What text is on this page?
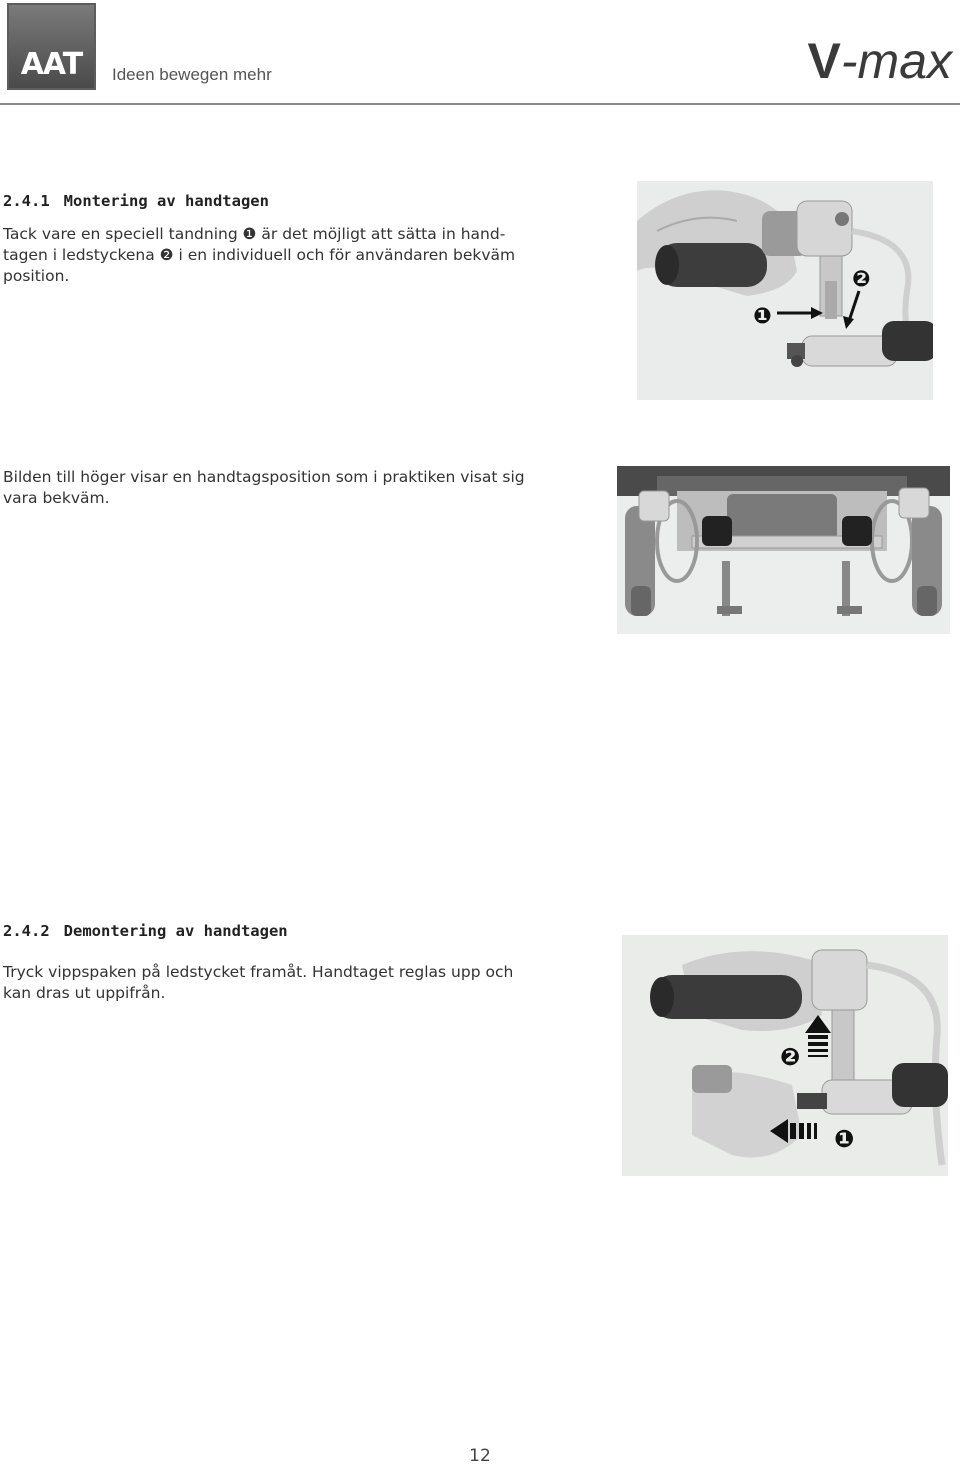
AAT	Ideen bewegen mehr	V-max
2.4.1 Montering av handtagen
Tack vare en speciell tandning ❶ är det möjligt att sätta in hand-
tagen i ledstyckena ❷ i en individuell och för användaren bekväm
position.
❶
❷
Bilden till höger visar en handtagsposition som i praktiken visat sig
vara bekväm.
2.4.2 Demontering av handtagen
Tryck vippspaken på ledstycket framåt. Handtaget reglas upp och
kan dras ut uppifrån.
❷
❶
12
